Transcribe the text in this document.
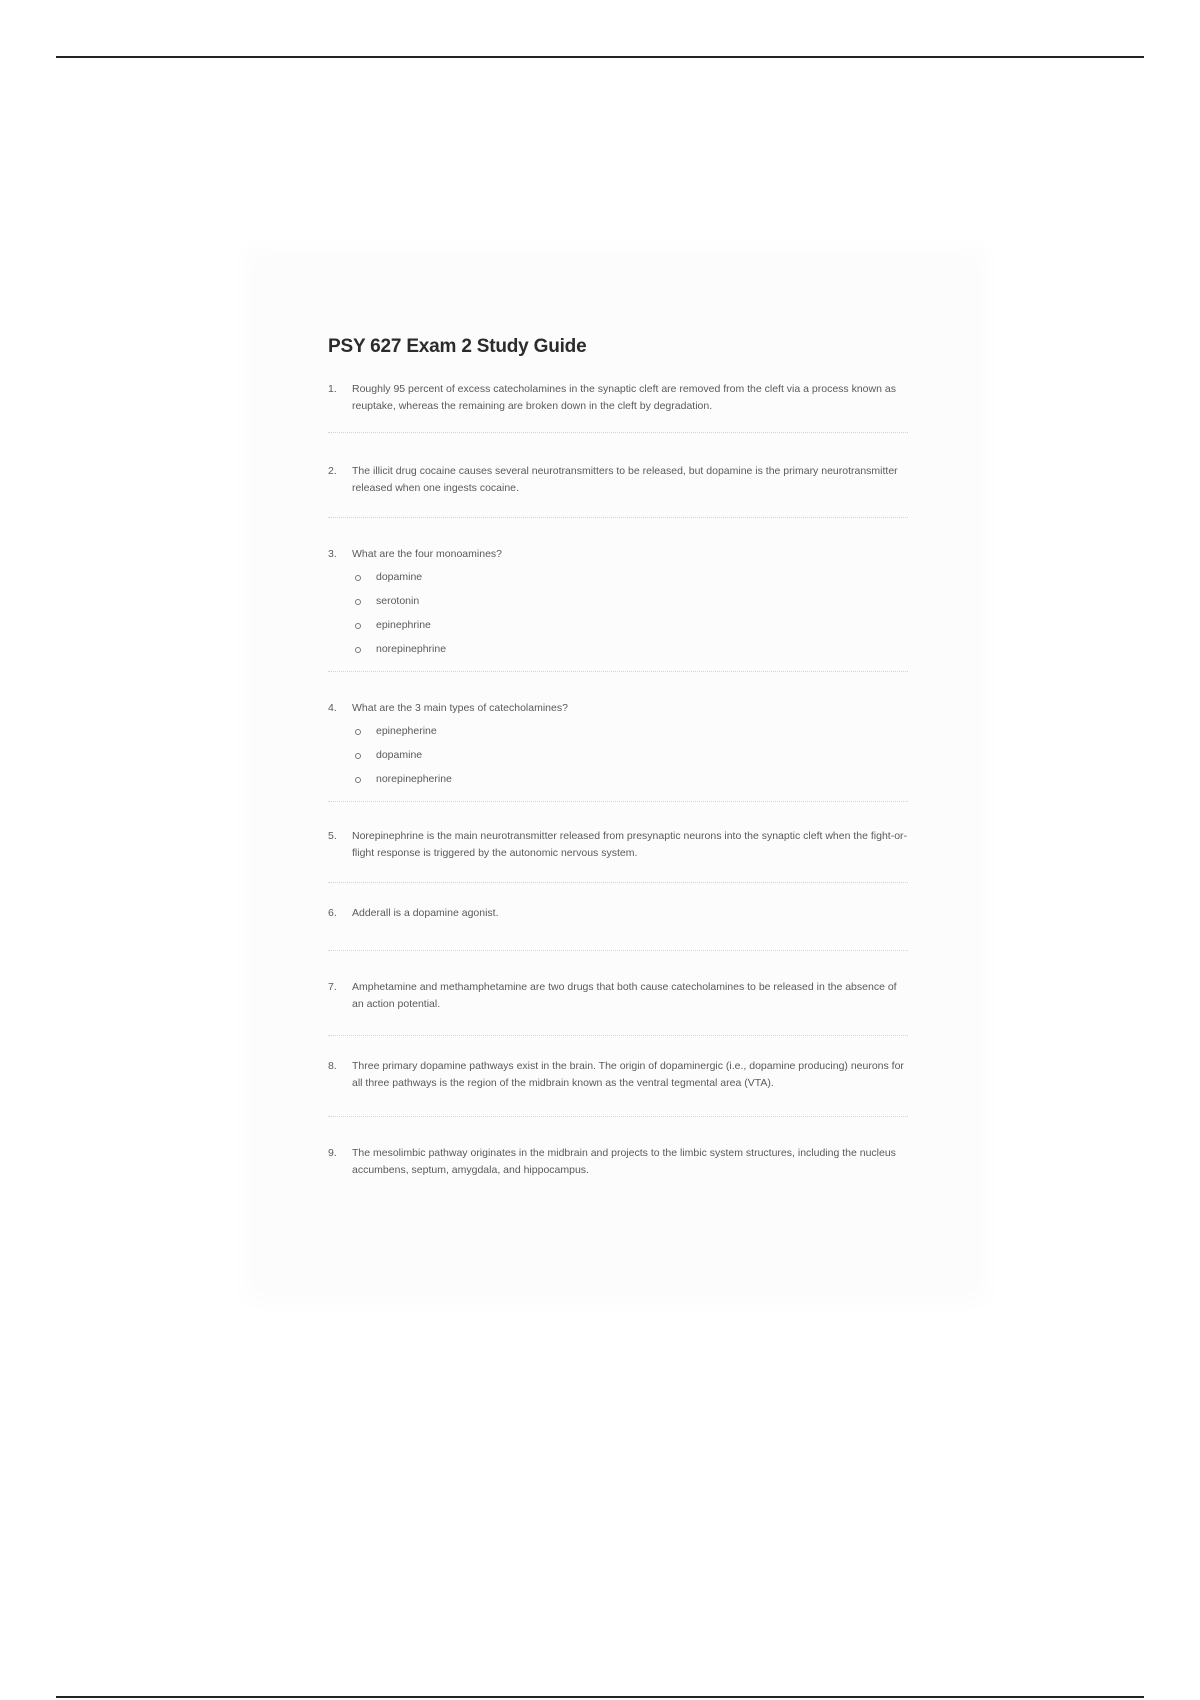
PSY 627 Exam 2 Study Guide
1.	Roughly 95 percent of excess catecholamines in the synaptic cleft are removed from the cleft via a process known as reuptake, whereas the remaining are broken down in the cleft by degradation.
2.	The illicit drug cocaine causes several neurotransmitters to be released, but dopamine is the primary neurotransmitter released when one ingests cocaine.
3.	What are the four monoamines?
dopamine
serotonin
epinephrine
norepinephrine
4.	What are the 3 main types of catecholamines?
epinepherine
dopamine
norepinepherine
5.	Norepinephrine is the main neurotransmitter released from presynaptic neurons into the synaptic cleft when the fight-or-flight response is triggered by the autonomic nervous system.
6.	Adderall is a dopamine agonist.
7.	Amphetamine and methamphetamine are two drugs that both cause catecholamines to be released in the absence of an action potential.
8.	Three primary dopamine pathways exist in the brain. The origin of dopaminergic (i.e., dopamine producing) neurons for all three pathways is the region of the midbrain known as the ventral tegmental area (VTA).
9.	The mesolimbic pathway originates in the midbrain and projects to the limbic system structures, including the nucleus accumbens, septum, amygdala, and hippocampus.
